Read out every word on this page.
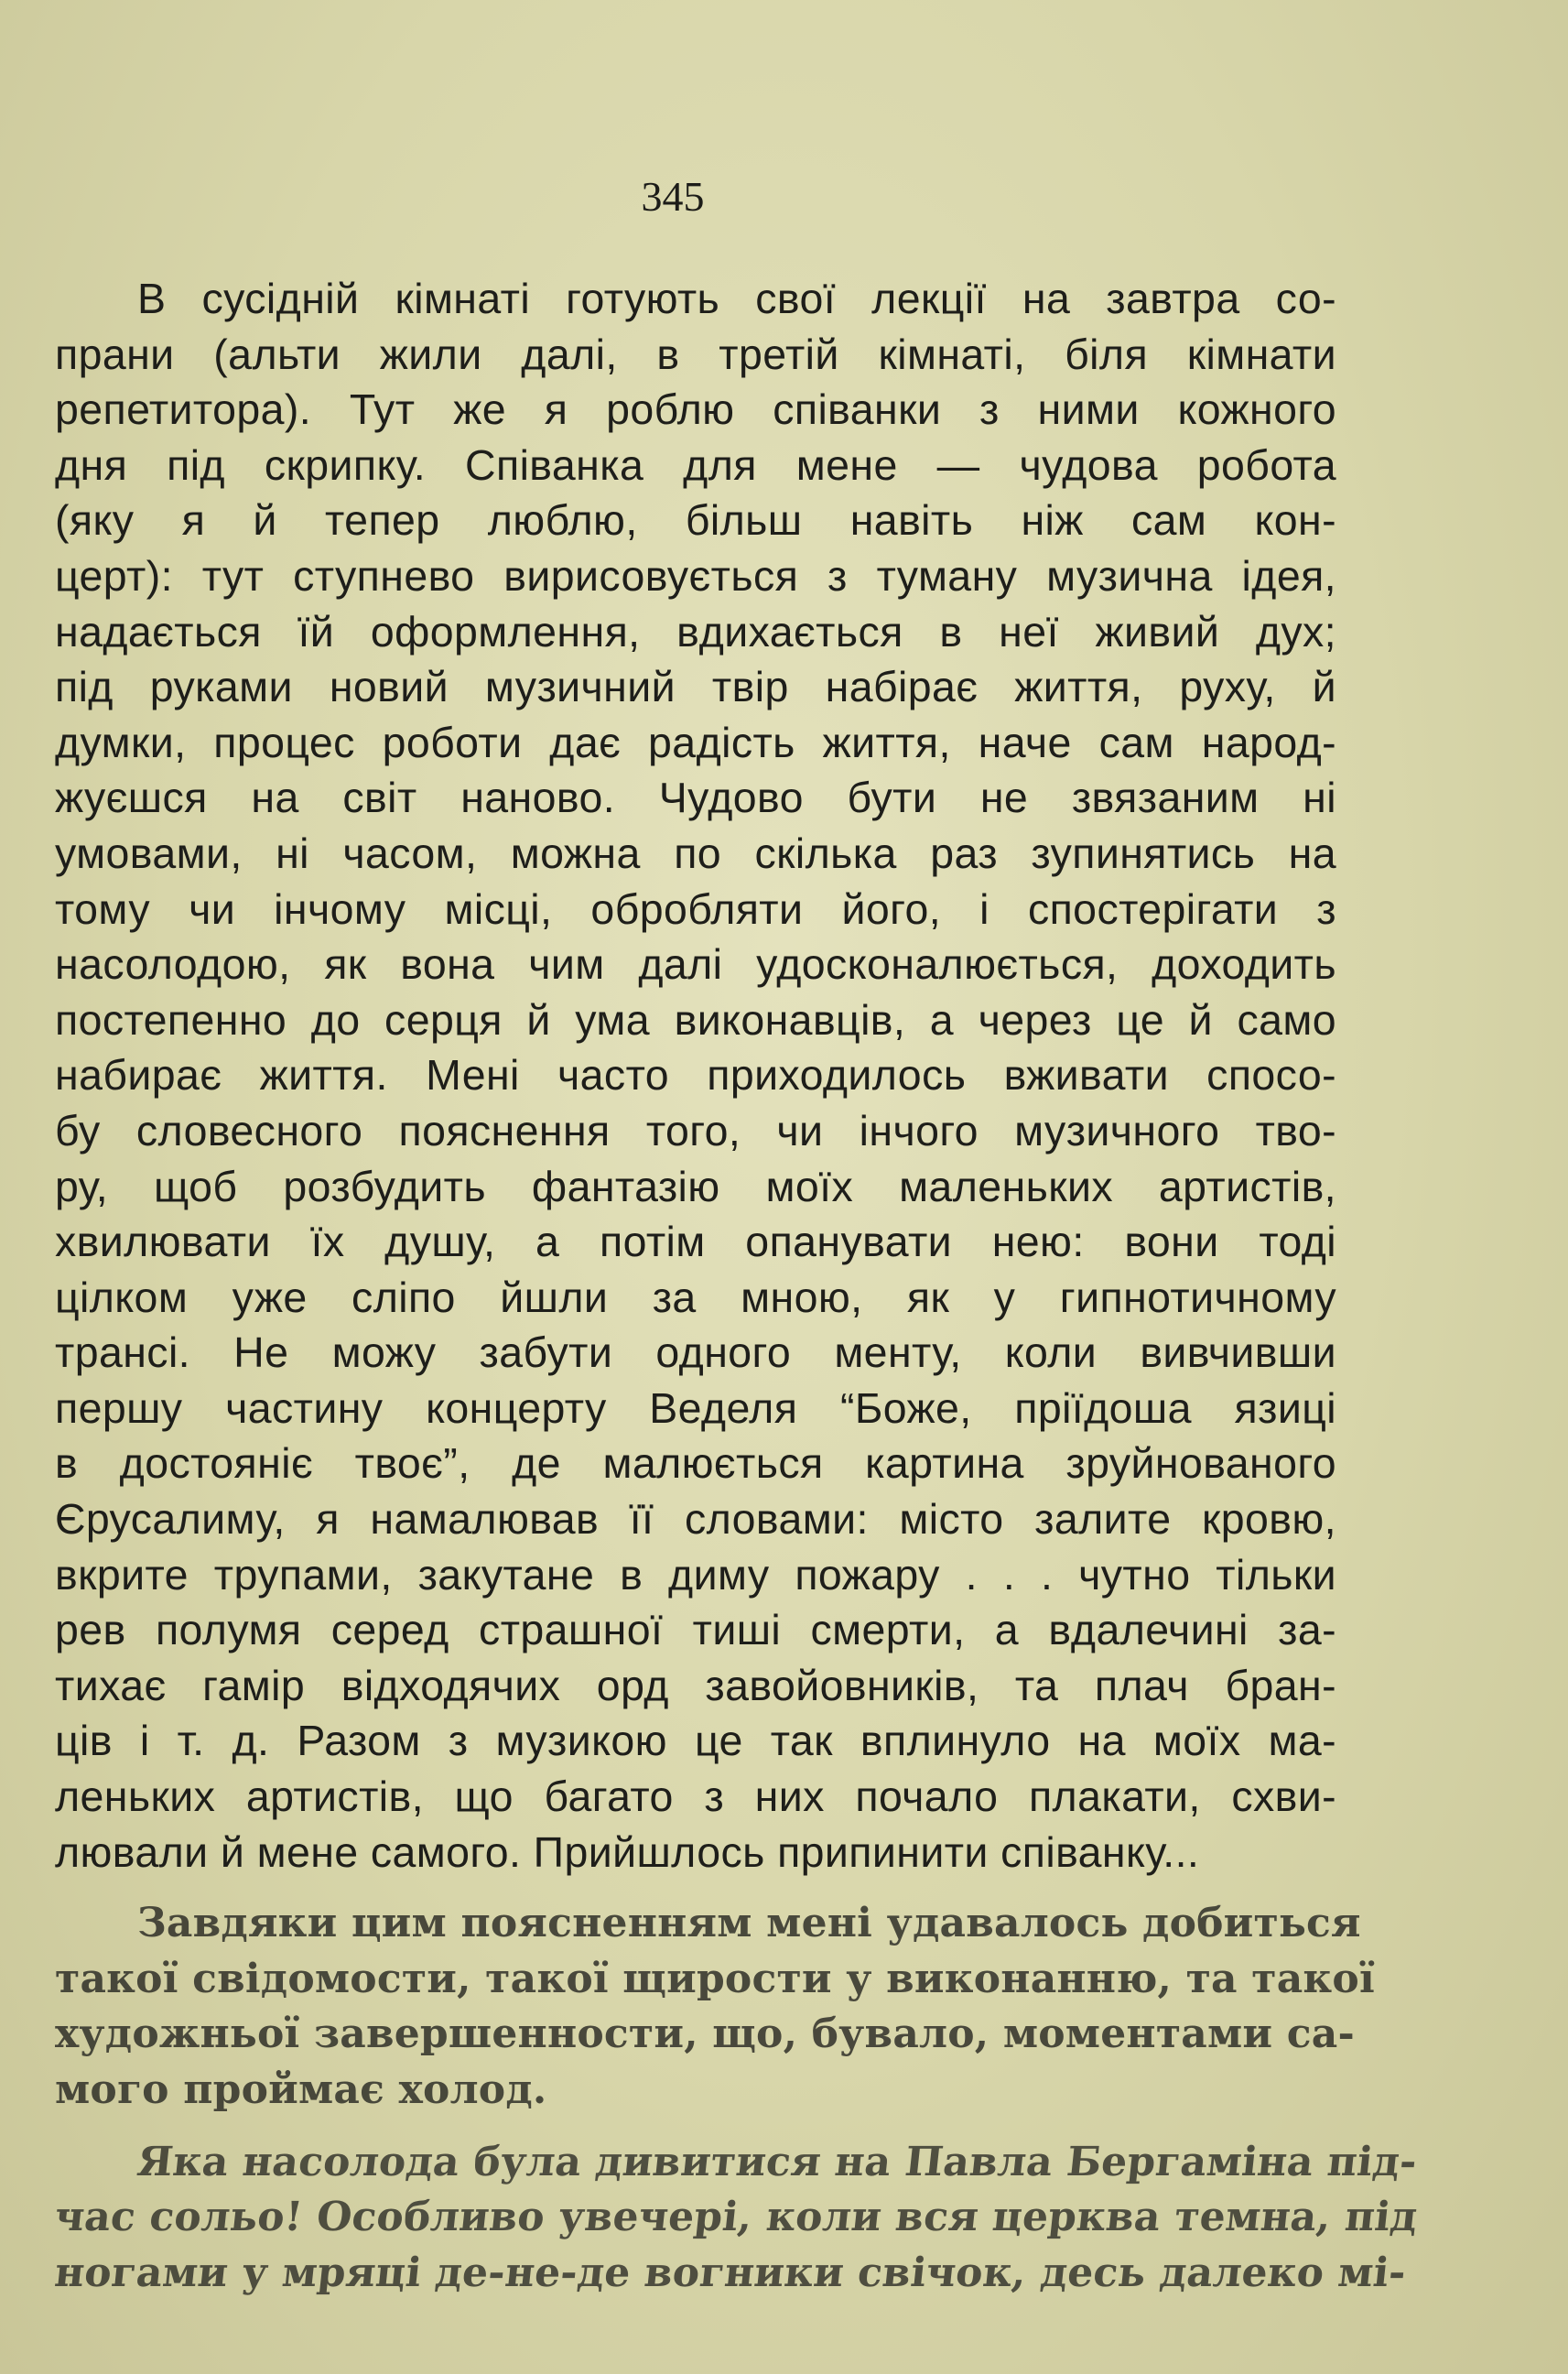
345
В сусідній кімнаті готують свої лекції на завтра со-
прани (альти жили далі, в третій кімнаті, біля кімнати
репетитора). Тут же я роблю співанки з ними кожного
дня під скрипку. Співанка для мене — чудова робота
(яку я й тепер люблю, більш навіть ніж сам кон-
церт): тут ступнево вирисовується з туману музична ідея,
надається їй оформлення, вдихається в неї живий дух;
під руками новий музичний твір набірає життя, руху, й
думки, процес роботи дає радість життя, наче сам народ-
жуєшся на світ наново. Чудово бути не звязаним ні
умовами, ні часом, можна по скілька раз зупинятись на
тому чи інчому місці, обробляти його, і спостерігати з
насолодою, як вона чим далі удосконалюється, доходить
постепенно до серця й ума виконавців, а через це й само
набирає життя. Мені часто приходилось вживати спосо-
бу словесного пояснення того, чи інчого музичного тво-
ру, щоб розбудить фантазію моїх маленьких артистів,
хвилювати їх душу, а потім опанувати нею: вони тоді
цілком уже сліпо йшли за мною, як у гипнотичному
трансі. Не можу забути одного менту, коли вивчивши
першу частину концерту Веделя “Боже, пріїдоша язиці
в достояніє твоє”, де малюється картина зруйнованого
Єрусалиму, я намалював її словами: місто залите кровю,
вкрите трупами, закутане в диму пожару . . . чутно тільки
рев полумя серед страшної тиші смерти, а вдалечині за-
тихає гамір відходячих орд завойовників, та плач бран-
ців і т. д. Разом з музикою це так вплинуло на моїх ма-
леньких артистів, що багато з них почало плакати, схви-
лювали й мене самого. Прийшлось припинити співанку...
Завдяки цим поясненням мені удавалось добиться
такої свідомости, такої щирости у виконанню, та такої
художньої завершенности, що, бувало, моментами са-
мого проймає холод.
Яка насолода була дивитися на Павла Бергаміна під-
час сольо! Особливо увечері, коли вся церква темна, під
ногами у мряці де-не-де вогники свічок, десь далеко мі-
